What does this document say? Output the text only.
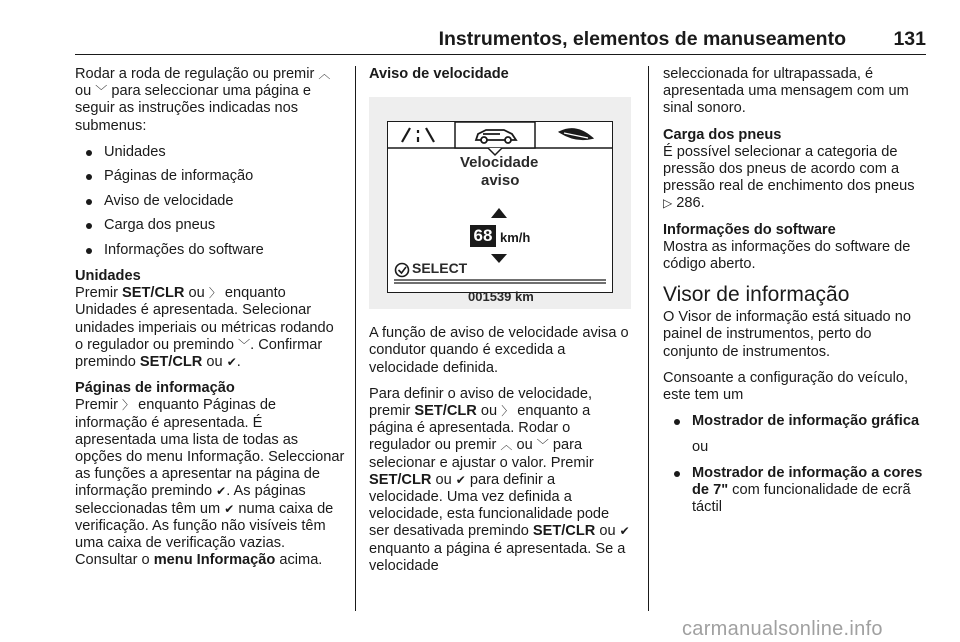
Instrumentos, elementos de manuseamento 131

Rodar a roda de regulação ou premir ︿ ou ﹀ para seleccionar uma página e seguir as instruções indicadas nos submenus:

Unidades
Páginas de informação
Aviso de velocidade
Carga dos pneus
Informações do software

Unidades

Premir SET/CLR ou 〉 enquanto Unidades é apresentada. Selecionar unidades imperiais ou métricas rodando o regulador ou premindo ﹀. Confirmar premindo SET/CLR ou ✔.

Páginas de informação

Premir 〉 enquanto Páginas de informação é apresentada. É apresentada uma lista de todas as opções do menu Informação. Seleccionar as funções a apresentar na página de informação premindo ✔. As páginas seleccionadas têm um ✔ numa caixa de verificação. As função não visíveis têm uma caixa de verificação vazias. Consultar o menu Informação acima.

Aviso de velocidade

Velocidade
aviso
68 km/h
SELECT
001539 km

A função de aviso de velocidade avisa o condutor quando é excedida a velocidade definida.

Para definir o aviso de velocidade, premir SET/CLR ou 〉 enquanto a página é apresentada. Rodar o regulador ou premir ︿ ou ﹀ para selecionar e ajustar o valor. Premir SET/CLR ou ✔ para definir a velocidade. Uma vez definida a velocidade, esta funcionalidade pode ser desativada premindo SET/CLR ou ✔ enquanto a página é apresentada. Se a velocidade

seleccionada for ultrapassada, é apresentada uma mensagem com um sinal sonoro.

Carga dos pneus

É possível selecionar a categoria de pressão dos pneus de acordo com a pressão real de enchimento dos pneus ▷ 286.

Informações do software

Mostra as informações do software de código aberto.

Visor de informação

O Visor de informação está situado no painel de instrumentos, perto do conjunto de instrumentos.

Consoante a configuração do veículo, este tem um

Mostrador de informação gráfica

ou

Mostrador de informação a cores de 7" com funcionalidade de ecrã táctil
carmanualsonline.info
